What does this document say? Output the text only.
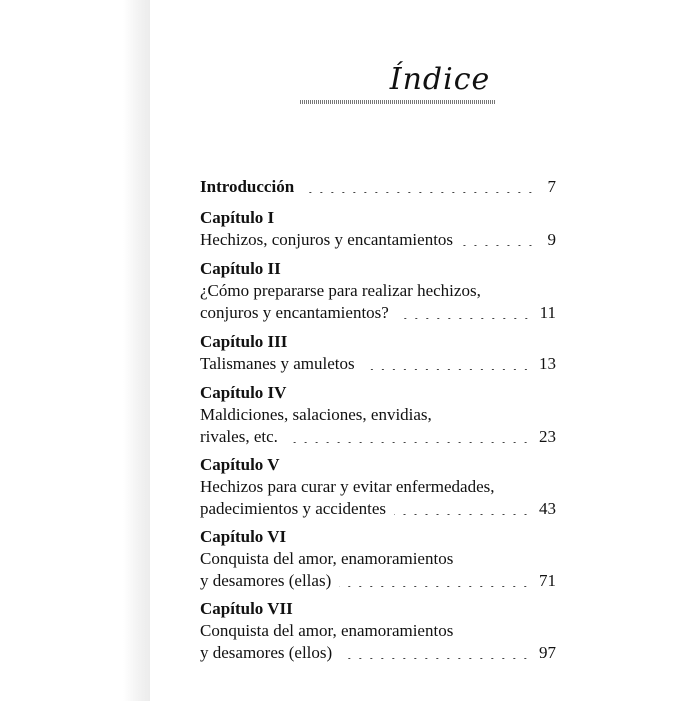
Índice
Introducción	7
Capítulo I
Hechizos, conjuros y encantamientos	9
Capítulo II
¿Cómo prepararse para realizar hechizos,
conjuros y encantamientos?	11
Capítulo III
Talismanes y amuletos	13
Capítulo IV
Maldiciones, salaciones, envidias,
rivales, etc.	23
Capítulo V
Hechizos para curar y evitar enfermedades,
padecimientos y accidentes	43
Capítulo VI
Conquista del amor, enamoramientos
y desamores (ellas)	71
Capítulo VII
Conquista del amor, enamoramientos
y desamores (ellos)	97
